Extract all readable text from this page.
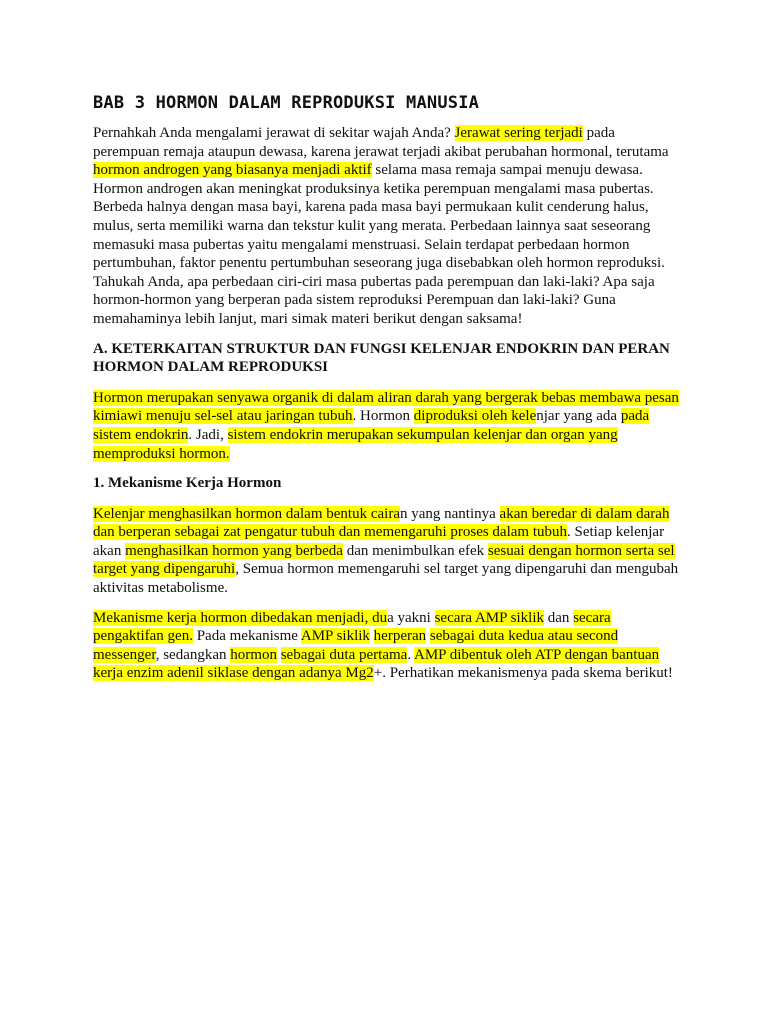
BAB 3 HORMON DALAM REPRODUKSI MANUSIA

Pernahkah Anda mengalami jerawat di sekitar wajah Anda? Jerawat sering terjadi pada perempuan remaja ataupun dewasa, karena jerawat terjadi akibat perubahan hormonal, terutama hormon androgen yang biasanya menjadi aktif selama masa remaja sampai menuju dewasa. Hormon androgen akan meningkat produksinya ketika perempuan mengalami masa pubertas. Berbeda halnya dengan masa bayi, karena pada masa bayi permukaan kulit cenderung halus, mulus, serta memiliki warna dan tekstur kulit yang merata. Perbedaan lainnya saat seseorang memasuki masa pubertas yaitu mengalami menstruasi. Selain terdapat perbedaan hormon pertumbuhan, faktor penentu pertumbuhan seseorang juga disebabkan oleh hormon reproduksi. Tahukah Anda, apa perbedaan ciri-ciri masa pubertas pada perempuan dan laki-laki? Apa saja hormon-hormon yang berperan pada sistem reproduksi Perempuan dan laki-laki? Guna memahaminya lebih lanjut, mari simak materi berikut dengan saksama!

A. KETERKAITAN STRUKTUR DAN FUNGSI KELENJAR ENDOKRIN DAN PERAN HORMON DALAM REPRODUKSI

Hormon merupakan senyawa organik di dalam aliran darah yang bergerak bebas membawa pesan kimiawi menuju sel-sel atau jaringan tubuh. Hormon diproduksi oleh kelenjar yang ada pada sistem endokrin. Jadi, sistem endokrin merupakan sekumpulan kelenjar dan organ yang memproduksi hormon.

1. Mekanisme Kerja Hormon

Kelenjar menghasilkan hormon dalam bentuk cairan yang nantinya akan beredar di dalam darah dan berperan sebagai zat pengatur tubuh dan memengaruhi proses dalam tubuh. Setiap kelenjar akan menghasilkan hormon yang berbeda dan menimbulkan efek sesuai dengan hormon serta sel target yang dipengaruhi, Semua hormon memengaruhi sel target yang dipengaruhi dan mengubah aktivitas metabolisme.

Mekanisme kerja hormon dibedakan menjadi, dua yakni secara AMP siklik dan secara pengaktifan gen. Pada mekanisme AMP siklik herperan sebagai duta kedua atau second messenger, sedangkan hormon sebagai duta pertama. AMP dibentuk oleh ATP dengan bantuan kerja enzim adenil siklase dengan adanya Mg2+. Perhatikan mekanismenya pada skema berikut!
